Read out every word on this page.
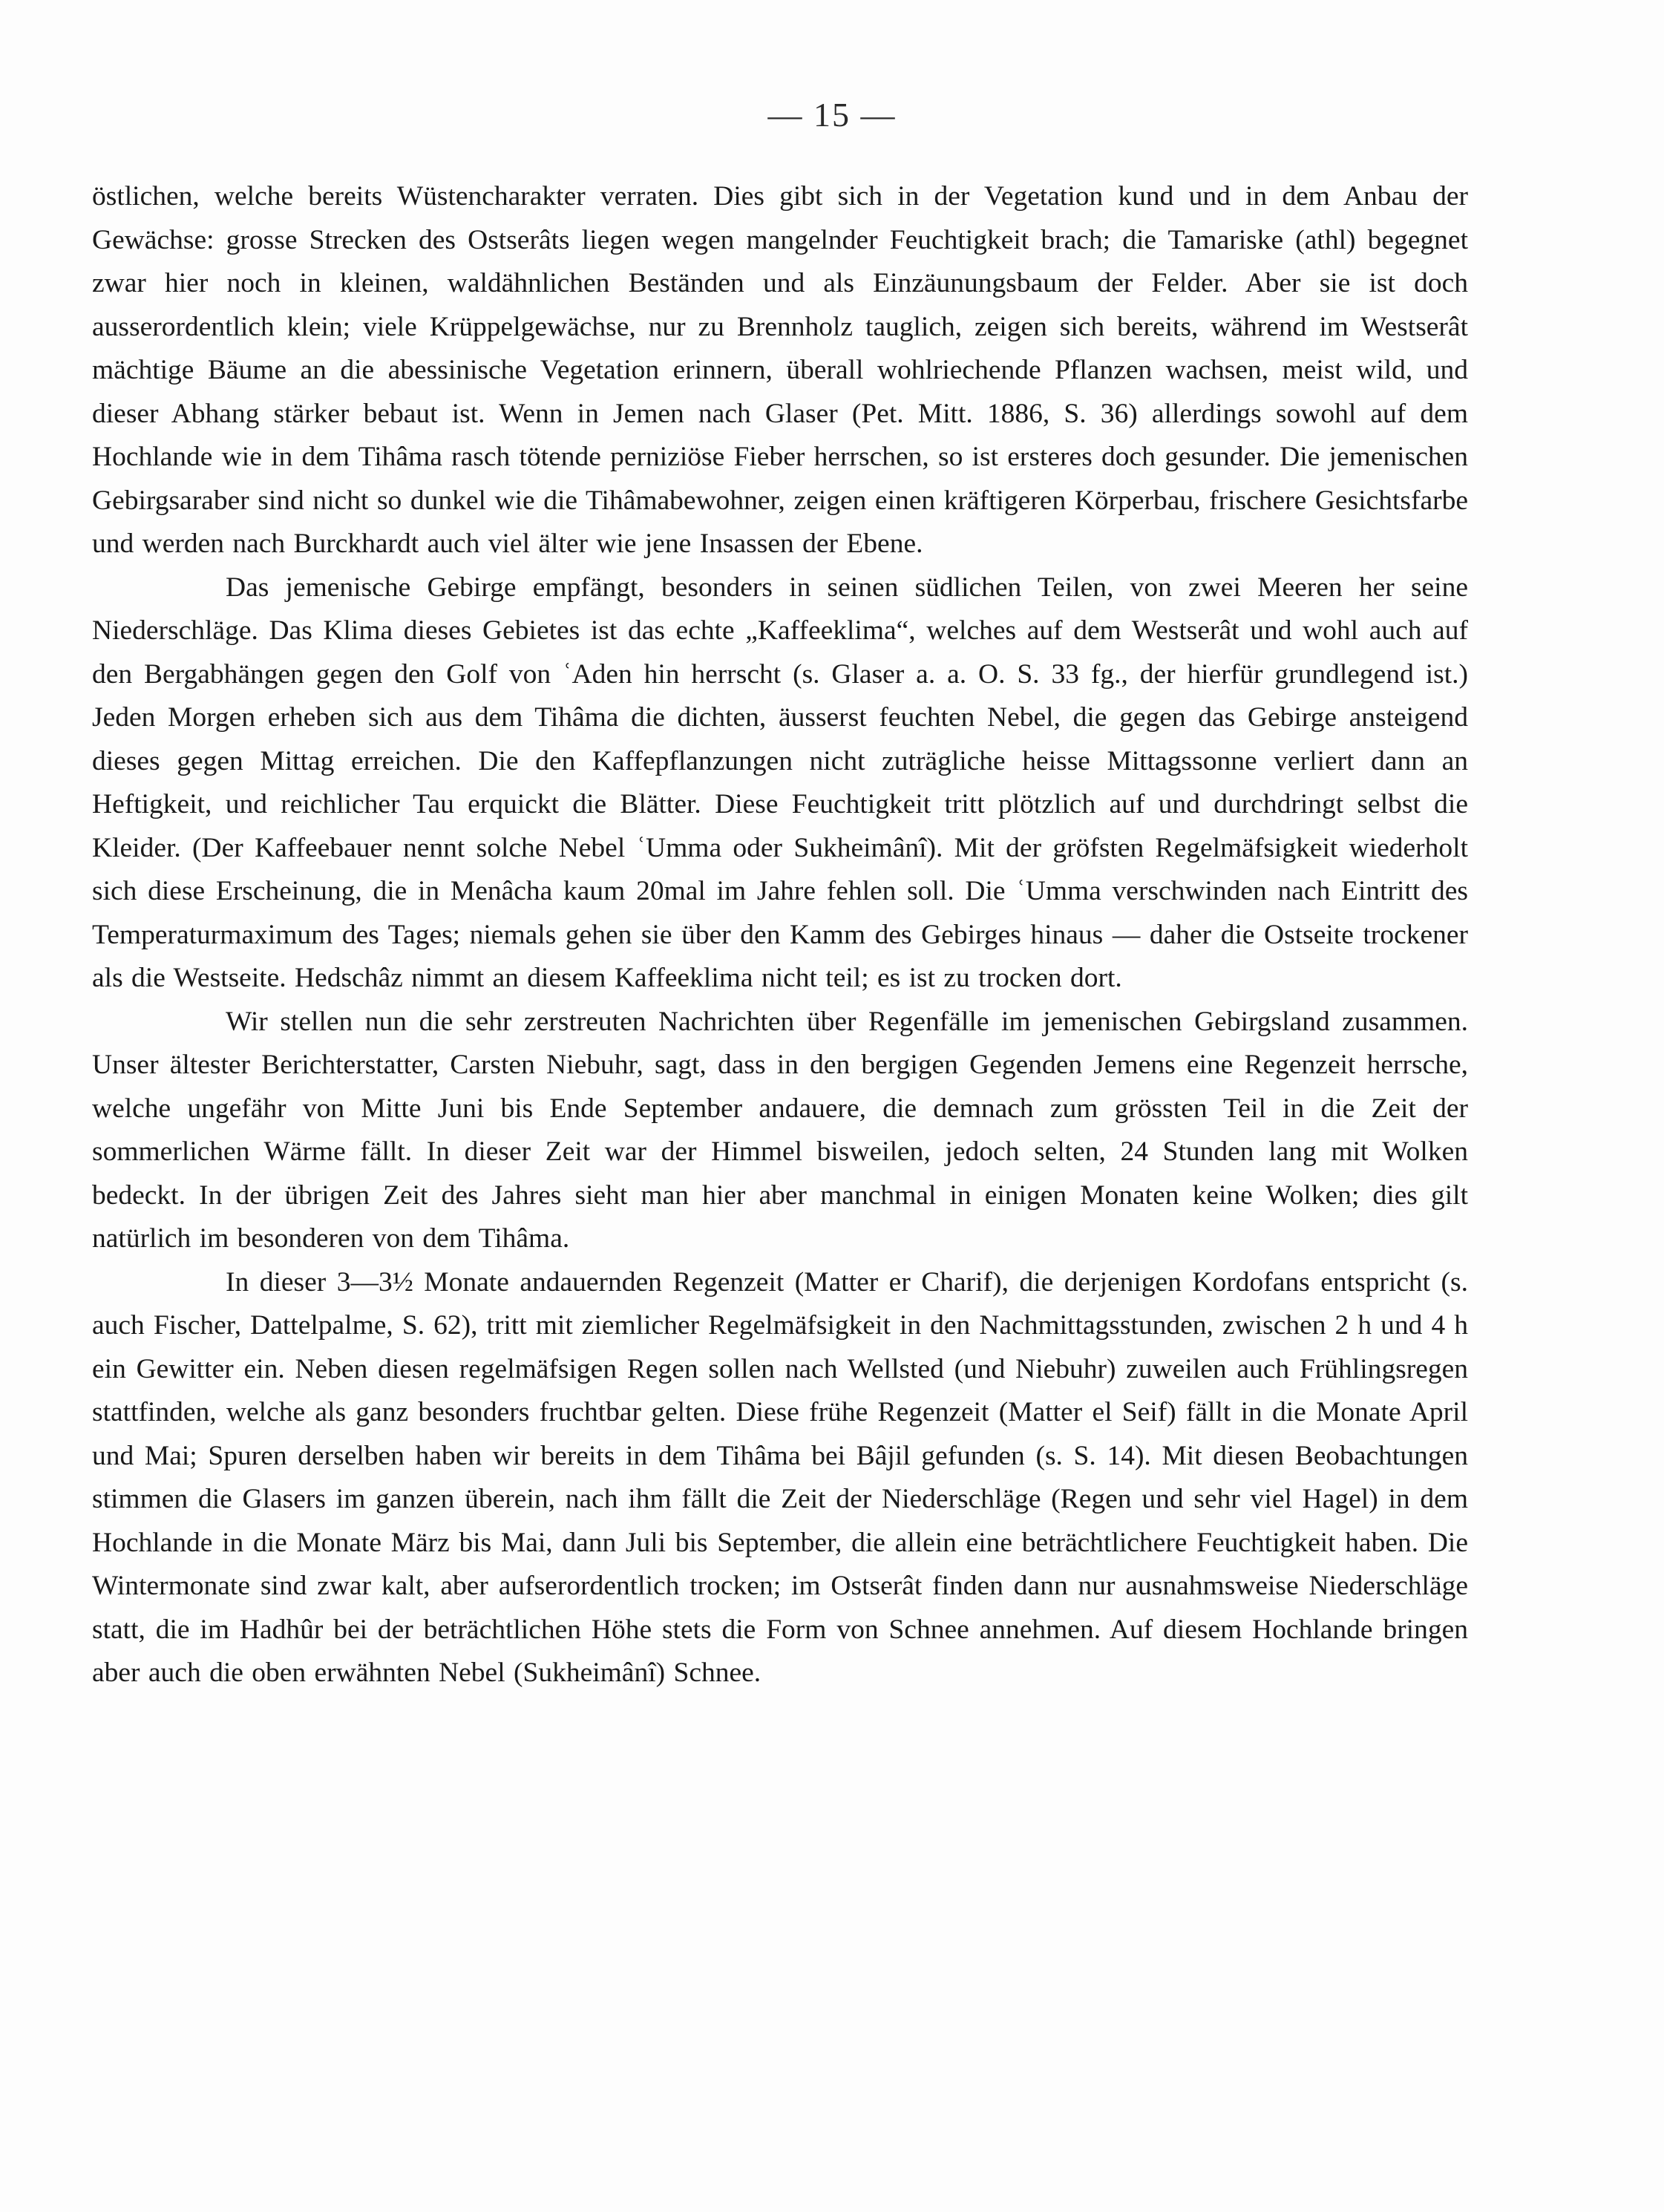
— 15 —

östlichen, welche bereits Wüstencharakter verraten. Dies gibt sich in der Vegetation kund und in dem Anbau der Gewächse: grosse Strecken des Ostserâts liegen wegen mangelnder Feuchtigkeit brach; die Tamariske (athl) begegnet zwar hier noch in kleinen, waldähnlichen Beständen und als Einzäunungsbaum der Felder. Aber sie ist doch ausserordentlich klein; viele Krüppelgewächse, nur zu Brennholz tauglich, zeigen sich bereits, während im Westserât mächtige Bäume an die abessinische Vegetation erinnern, überall wohlriechende Pflanzen wachsen, meist wild, und dieser Abhang stärker bebaut ist. Wenn in Jemen nach Glaser (Pet. Mitt. 1886, S. 36) allerdings sowohl auf dem Hochlande wie in dem Tihâma rasch tötende perniziöse Fieber herrschen, so ist ersteres doch gesunder. Die jemenischen Gebirgsaraber sind nicht so dunkel wie die Tihâmabewohner, zeigen einen kräftigeren Körperbau, frischere Gesichtsfarbe und werden nach Burckhardt auch viel älter wie jene Insassen der Ebene.

Das jemenische Gebirge empfängt, besonders in seinen südlichen Teilen, von zwei Meeren her seine Niederschläge. Das Klima dieses Gebietes ist das echte „Kaffeeklima“, welches auf dem Westserât und wohl auch auf den Bergabhängen gegen den Golf von ʿAden hin herrscht (s. Glaser a. a. O. S. 33 fg., der hierfür grundlegend ist.) Jeden Morgen erheben sich aus dem Tihâma die dichten, äusserst feuchten Nebel, die gegen das Gebirge ansteigend dieses gegen Mittag erreichen. Die den Kaffepflanzungen nicht zuträgliche heisse Mittagssonne verliert dann an Heftigkeit, und reichlicher Tau erquickt die Blätter. Diese Feuchtigkeit tritt plötzlich auf und durchdringt selbst die Kleider. (Der Kaffeebauer nennt solche Nebel ʿUmma oder Sukheimânî). Mit der gröfsten Regelmäfsigkeit wiederholt sich diese Erscheinung, die in Menâcha kaum 20mal im Jahre fehlen soll. Die ʿUmma verschwinden nach Eintritt des Temperaturmaximum des Tages; niemals gehen sie über den Kamm des Gebirges hinaus — daher die Ostseite trockener als die Westseite. Hedschâz nimmt an diesem Kaffeeklima nicht teil; es ist zu trocken dort.

Wir stellen nun die sehr zerstreuten Nachrichten über Regenfälle im jemenischen Gebirgsland zusammen. Unser ältester Berichterstatter, Carsten Niebuhr, sagt, dass in den bergigen Gegenden Jemens eine Regenzeit herrsche, welche ungefähr von Mitte Juni bis Ende September andauere, die demnach zum grössten Teil in die Zeit der sommerlichen Wärme fällt. In dieser Zeit war der Himmel bisweilen, jedoch selten, 24 Stunden lang mit Wolken bedeckt. In der übrigen Zeit des Jahres sieht man hier aber manchmal in einigen Monaten keine Wolken; dies gilt natürlich im besonderen von dem Tihâma.

In dieser 3—3½ Monate andauernden Regenzeit (Matter er Charif), die derjenigen Kordofans entspricht (s. auch Fischer, Dattelpalme, S. 62), tritt mit ziemlicher Regelmäfsigkeit in den Nachmittagsstunden, zwischen 2 h und 4 h ein Gewitter ein. Neben diesen regelmäfsigen Regen sollen nach Wellsted (und Niebuhr) zuweilen auch Frühlingsregen stattfinden, welche als ganz besonders fruchtbar gelten. Diese frühe Regenzeit (Matter el Seif) fällt in die Monate April und Mai; Spuren derselben haben wir bereits in dem Tihâma bei Bâjil gefunden (s. S. 14). Mit diesen Beobachtungen stimmen die Glasers im ganzen überein, nach ihm fällt die Zeit der Niederschläge (Regen und sehr viel Hagel) in dem Hochlande in die Monate März bis Mai, dann Juli bis September, die allein eine beträchtlichere Feuchtigkeit haben. Die Wintermonate sind zwar kalt, aber aufserordentlich trocken; im Ostserât finden dann nur ausnahmsweise Niederschläge statt, die im Hadhûr bei der beträchtlichen Höhe stets die Form von Schnee annehmen. Auf diesem Hochlande bringen aber auch die oben erwähnten Nebel (Sukheimânî) Schnee.
